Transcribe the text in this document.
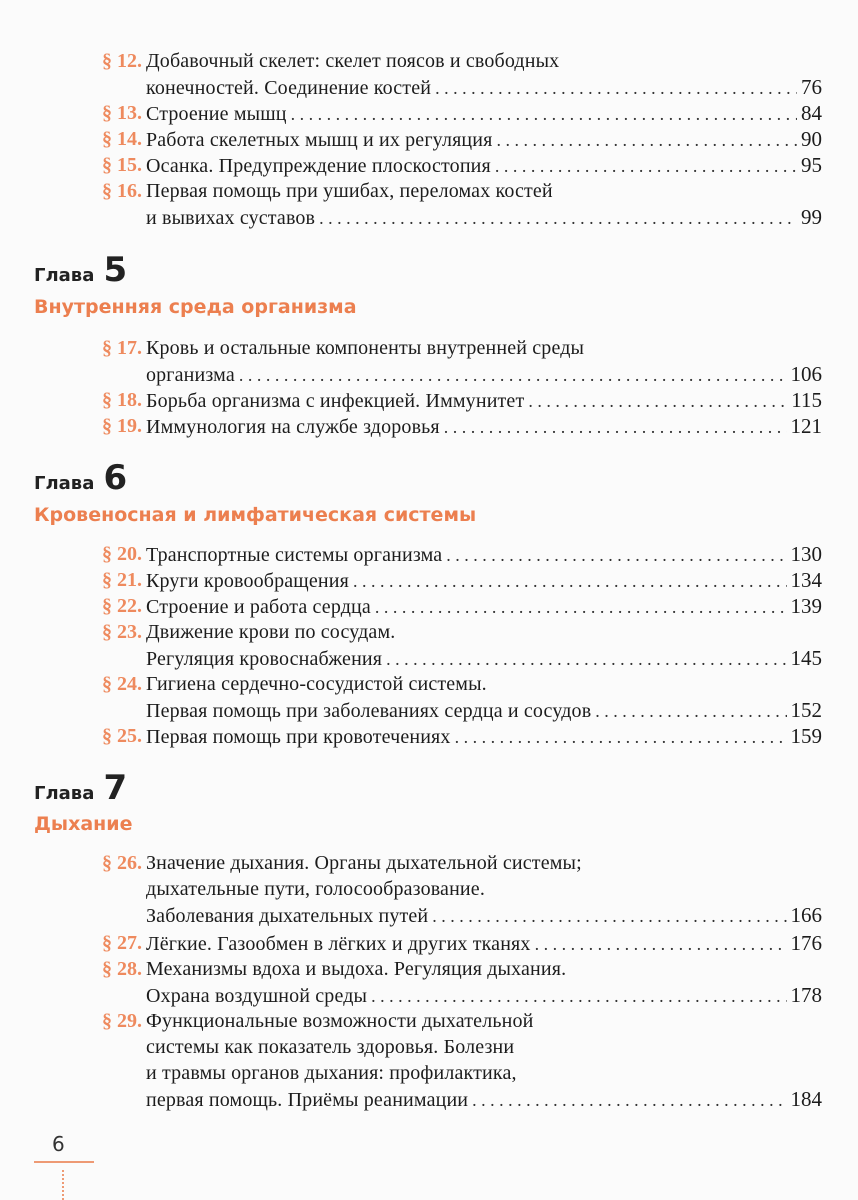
§ 12. Добавочный скелет: скелет поясов и свободных
конечностей. Соединение костей . . .	76
§ 13. Строение мышц . . .	84
§ 14. Работа скелетных мышц и их регуляция . . .	90
§ 15. Осанка. Предупреждение плоскостопия . . .	95
§ 16. Первая помощь при ушибах, переломах костей
и вывихах суставов . . .	99
Глава 5
Внутренняя среда организма
§ 17. Кровь и остальные компоненты внутренней среды
организма . . .	106
§ 18. Борьба организма с инфекцией. Иммунитет . . .	115
§ 19. Иммунология на службе здоровья . . .	121
Глава 6
Кровеносная и лимфатическая системы
§ 20. Транспортные системы организма . . .	130
§ 21. Круги кровообращения . . .	134
§ 22. Строение и работа сердца . . .	139
§ 23. Движение крови по сосудам.
Регуляция кровоснабжения . . .	145
§ 24. Гигиена сердечно-сосудистой системы.
Первая помощь при заболеваниях сердца и сосудов . . .	152
§ 25. Первая помощь при кровотечениях . . .	159
Глава 7
Дыхание
§ 26. Значение дыхания. Органы дыхательной системы;
дыхательные пути, голосообразование.
Заболевания дыхательных путей . . .	166
§ 27. Лёгкие. Газообмен в лёгких и других тканях . . .	176
§ 28. Механизмы вдоха и выдоха. Регуляция дыхания.
Охрана воздушной среды . . .	178
§ 29. Функциональные возможности дыхательной
системы как показатель здоровья. Болезни
и травмы органов дыхания: профилактика,
первая помощь. Приёмы реанимации . . .	184
6
